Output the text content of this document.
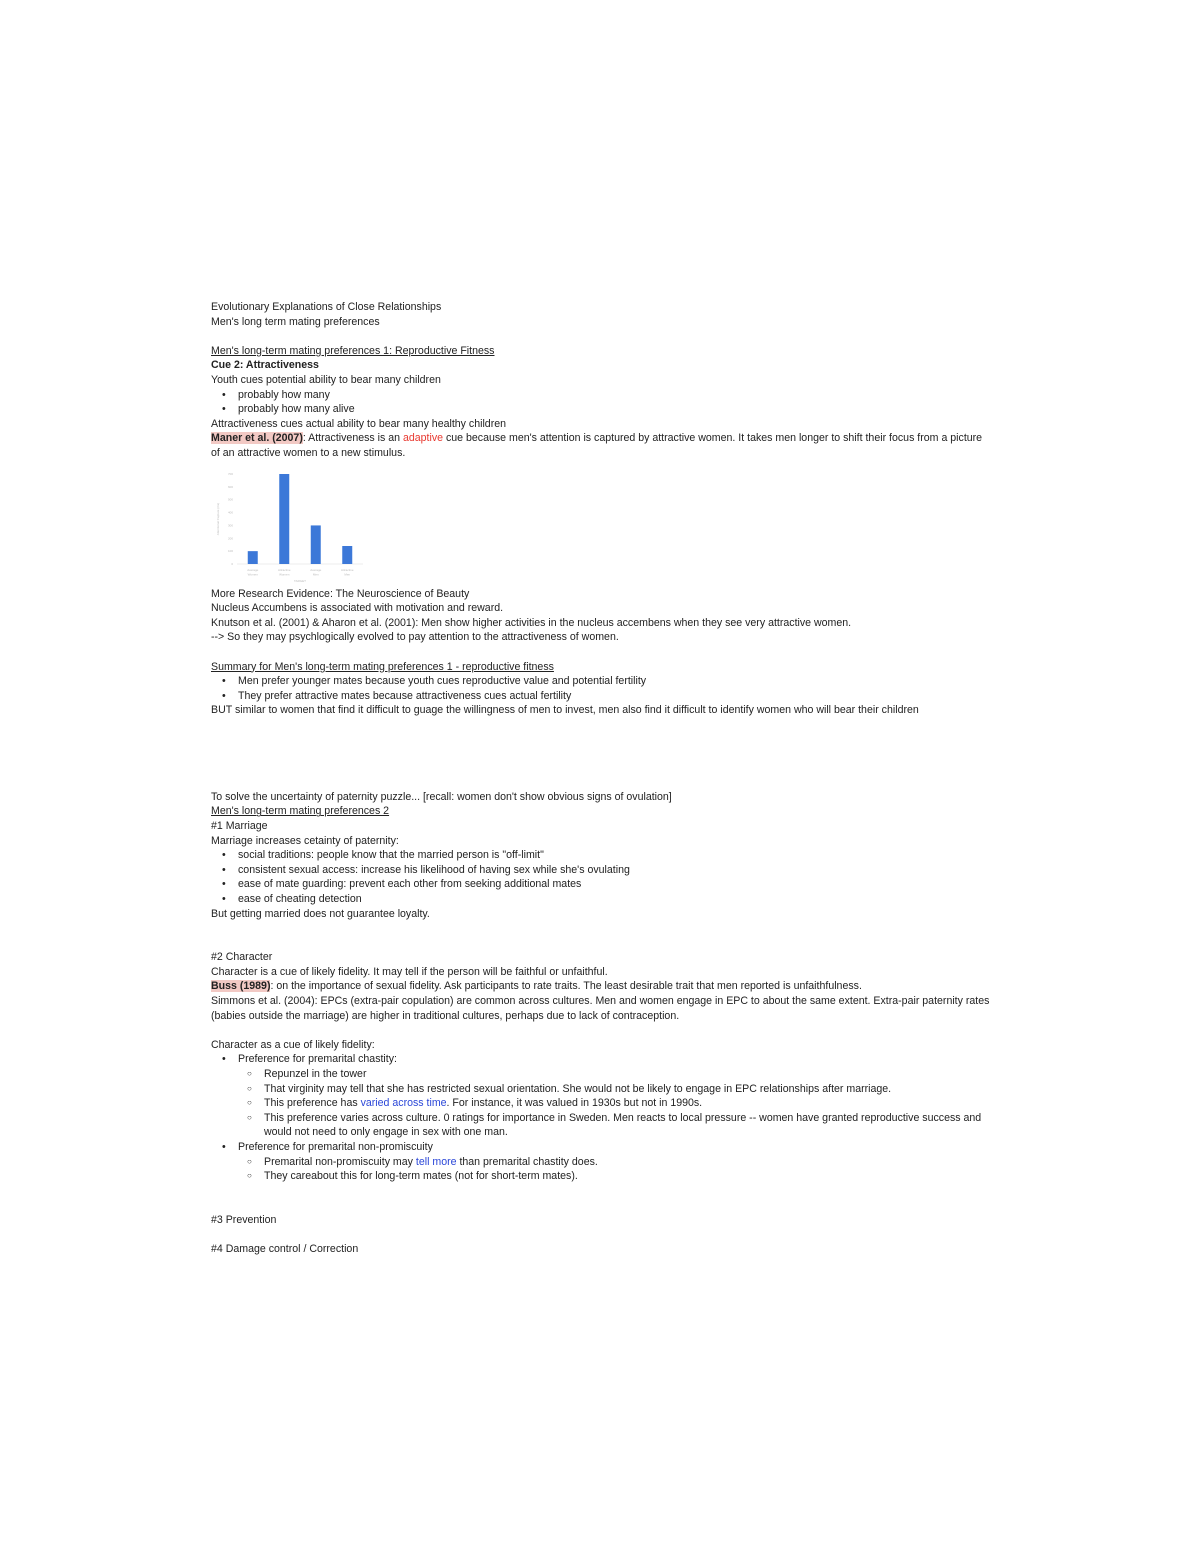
Evolutionary Explanations of Close Relationships
Men's long term mating preferences
Men's long-term mating preferences 1: Reproductive Fitness
Cue 2: Attractiveness
Youth cues potential ability to bear many children
• probably how many
• probably how many alive
Attractiveness cues actual ability to bear many healthy children
Maner et al. (2007): Attractiveness is an adaptive cue because men's attention is captured by attractive women. It takes men longer to shift their focus from a picture of an attractive women to a new stimulus.
0
100
200
300
400
500
600
700
Attentional Capture (ms)
Average
Women
Attractive
Women
Average
Men
Attractive
Men
TARGET
More Research Evidence: The Neuroscience of Beauty
Nucleus Accumbens is associated with motivation and reward.
Knutson et al. (2001) & Aharon et al. (2001): Men show higher activities in the nucleus accembens when they see very attractive women.
--> So they may psychlogically evolved to pay attention to the attractiveness of women.
Summary for Men's long-term mating preferences 1 - reproductive fitness
• Men prefer younger mates because youth cues reproductive value and potential fertility
• They prefer attractive mates because attractiveness cues actual fertility
BUT similar to women that find it difficult to guage the willingness of men to invest, men also find it difficult to identify women who will bear their children
To solve the uncertainty of paternity puzzle... [recall: women don't show obvious signs of ovulation]
Men's long-term mating preferences 2
#1 Marriage
Marriage increases cetainty of paternity:
• social traditions: people know that the married person is "off-limit"
• consistent sexual access: increase his likelihood of having sex while she's ovulating
• ease of mate guarding: prevent each other from seeking additional mates
• ease of cheating detection
But getting married does not guarantee loyalty.
#2 Character
Character is a cue of likely fidelity. It may tell if the person will be faithful or unfaithful.
Buss (1989): on the importance of sexual fidelity. Ask participants to rate traits. The least desirable trait that men reported is unfaithfulness.
Simmons et al. (2004): EPCs (extra-pair copulation) are common across cultures. Men and women engage in EPC to about the same extent. Extra-pair paternity rates (babies outside the marriage) are higher in traditional cultures, perhaps due to lack of contraception.
Character as a cue of likely fidelity:
• Preference for premarital chastity:
○ Repunzel in the tower
○ That virginity may tell that she has restricted sexual orientation. She would not be likely to engage in EPC relationships after marriage.
○ This preference has varied across time. For instance, it was valued in 1930s but not in 1990s.
○ This preference varies across culture. 0 ratings for importance in Sweden. Men reacts to local pressure -- women have granted reproductive success and would not need to only engage in sex with one man.
• Preference for premarital non-promiscuity
○ Premarital non-promiscuity may tell more than premarital chastity does.
○ They careabout this for long-term mates (not for short-term mates).
#3 Prevention
#4 Damage control / Correction
